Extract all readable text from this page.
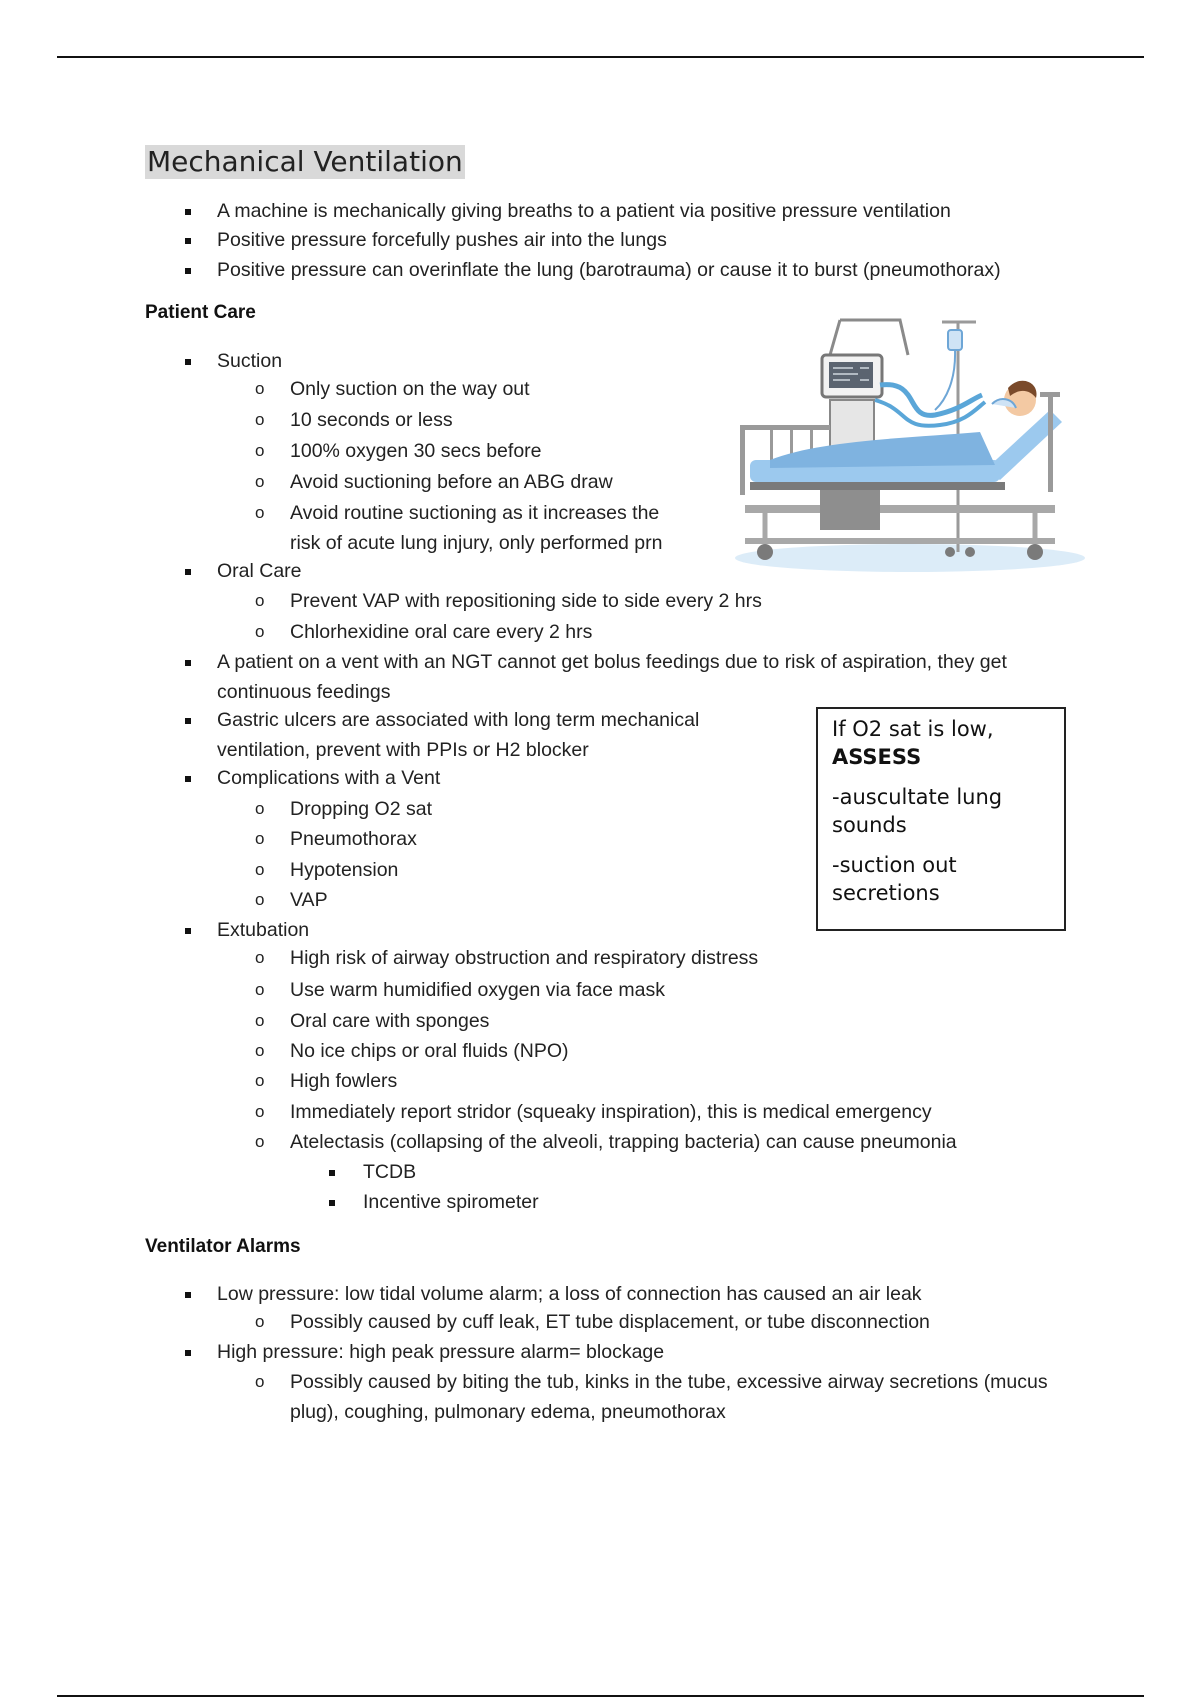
Mechanical Ventilation
A machine is mechanically giving breaths to a patient via positive pressure ventilation
Positive pressure forcefully pushes air into the lungs
Positive pressure can overinflate the lung (barotrauma) or cause it to burst (pneumothorax)
Patient Care
Suction
o Only suction on the way out
o 10 seconds or less
o 100% oxygen 30 secs before
o Avoid suctioning before an ABG draw
o Avoid routine suctioning as it increases the
risk of acute lung injury, only performed prn
Oral Care
o Prevent VAP with repositioning side to side every 2 hrs
o Chlorhexidine oral care every 2 hrs
A patient on a vent with an NGT cannot get bolus feedings due to risk of aspiration, they get
continuous feedings
Gastric ulcers are associated with long term mechanical
ventilation, prevent with PPIs or H2 blocker
Complications with a Vent
o Dropping O2 sat
o Pneumothorax
o Hypotension
o VAP
Extubation
o High risk of airway obstruction and respiratory distress
o Use warm humidified oxygen via face mask
o Oral care with sponges
o No ice chips or oral fluids (NPO)
o High fowlers
o Immediately report stridor (squeaky inspiration), this is medical emergency
o Atelectasis (collapsing of the alveoli, trapping bacteria) can cause pneumonia
TCDB
Incentive spirometer
Ventilator Alarms
Low pressure: low tidal volume alarm; a loss of connection has caused an air leak
o Possibly caused by cuff leak, ET tube displacement, or tube disconnection
High pressure: high peak pressure alarm= blockage
o Possibly caused by biting the tub, kinks in the tube, excessive airway secretions (mucus
plug), coughing, pulmonary edema, pneumothorax

If O2 sat is low,
ASSESS

-auscultate lung sounds

-suction out secretions
